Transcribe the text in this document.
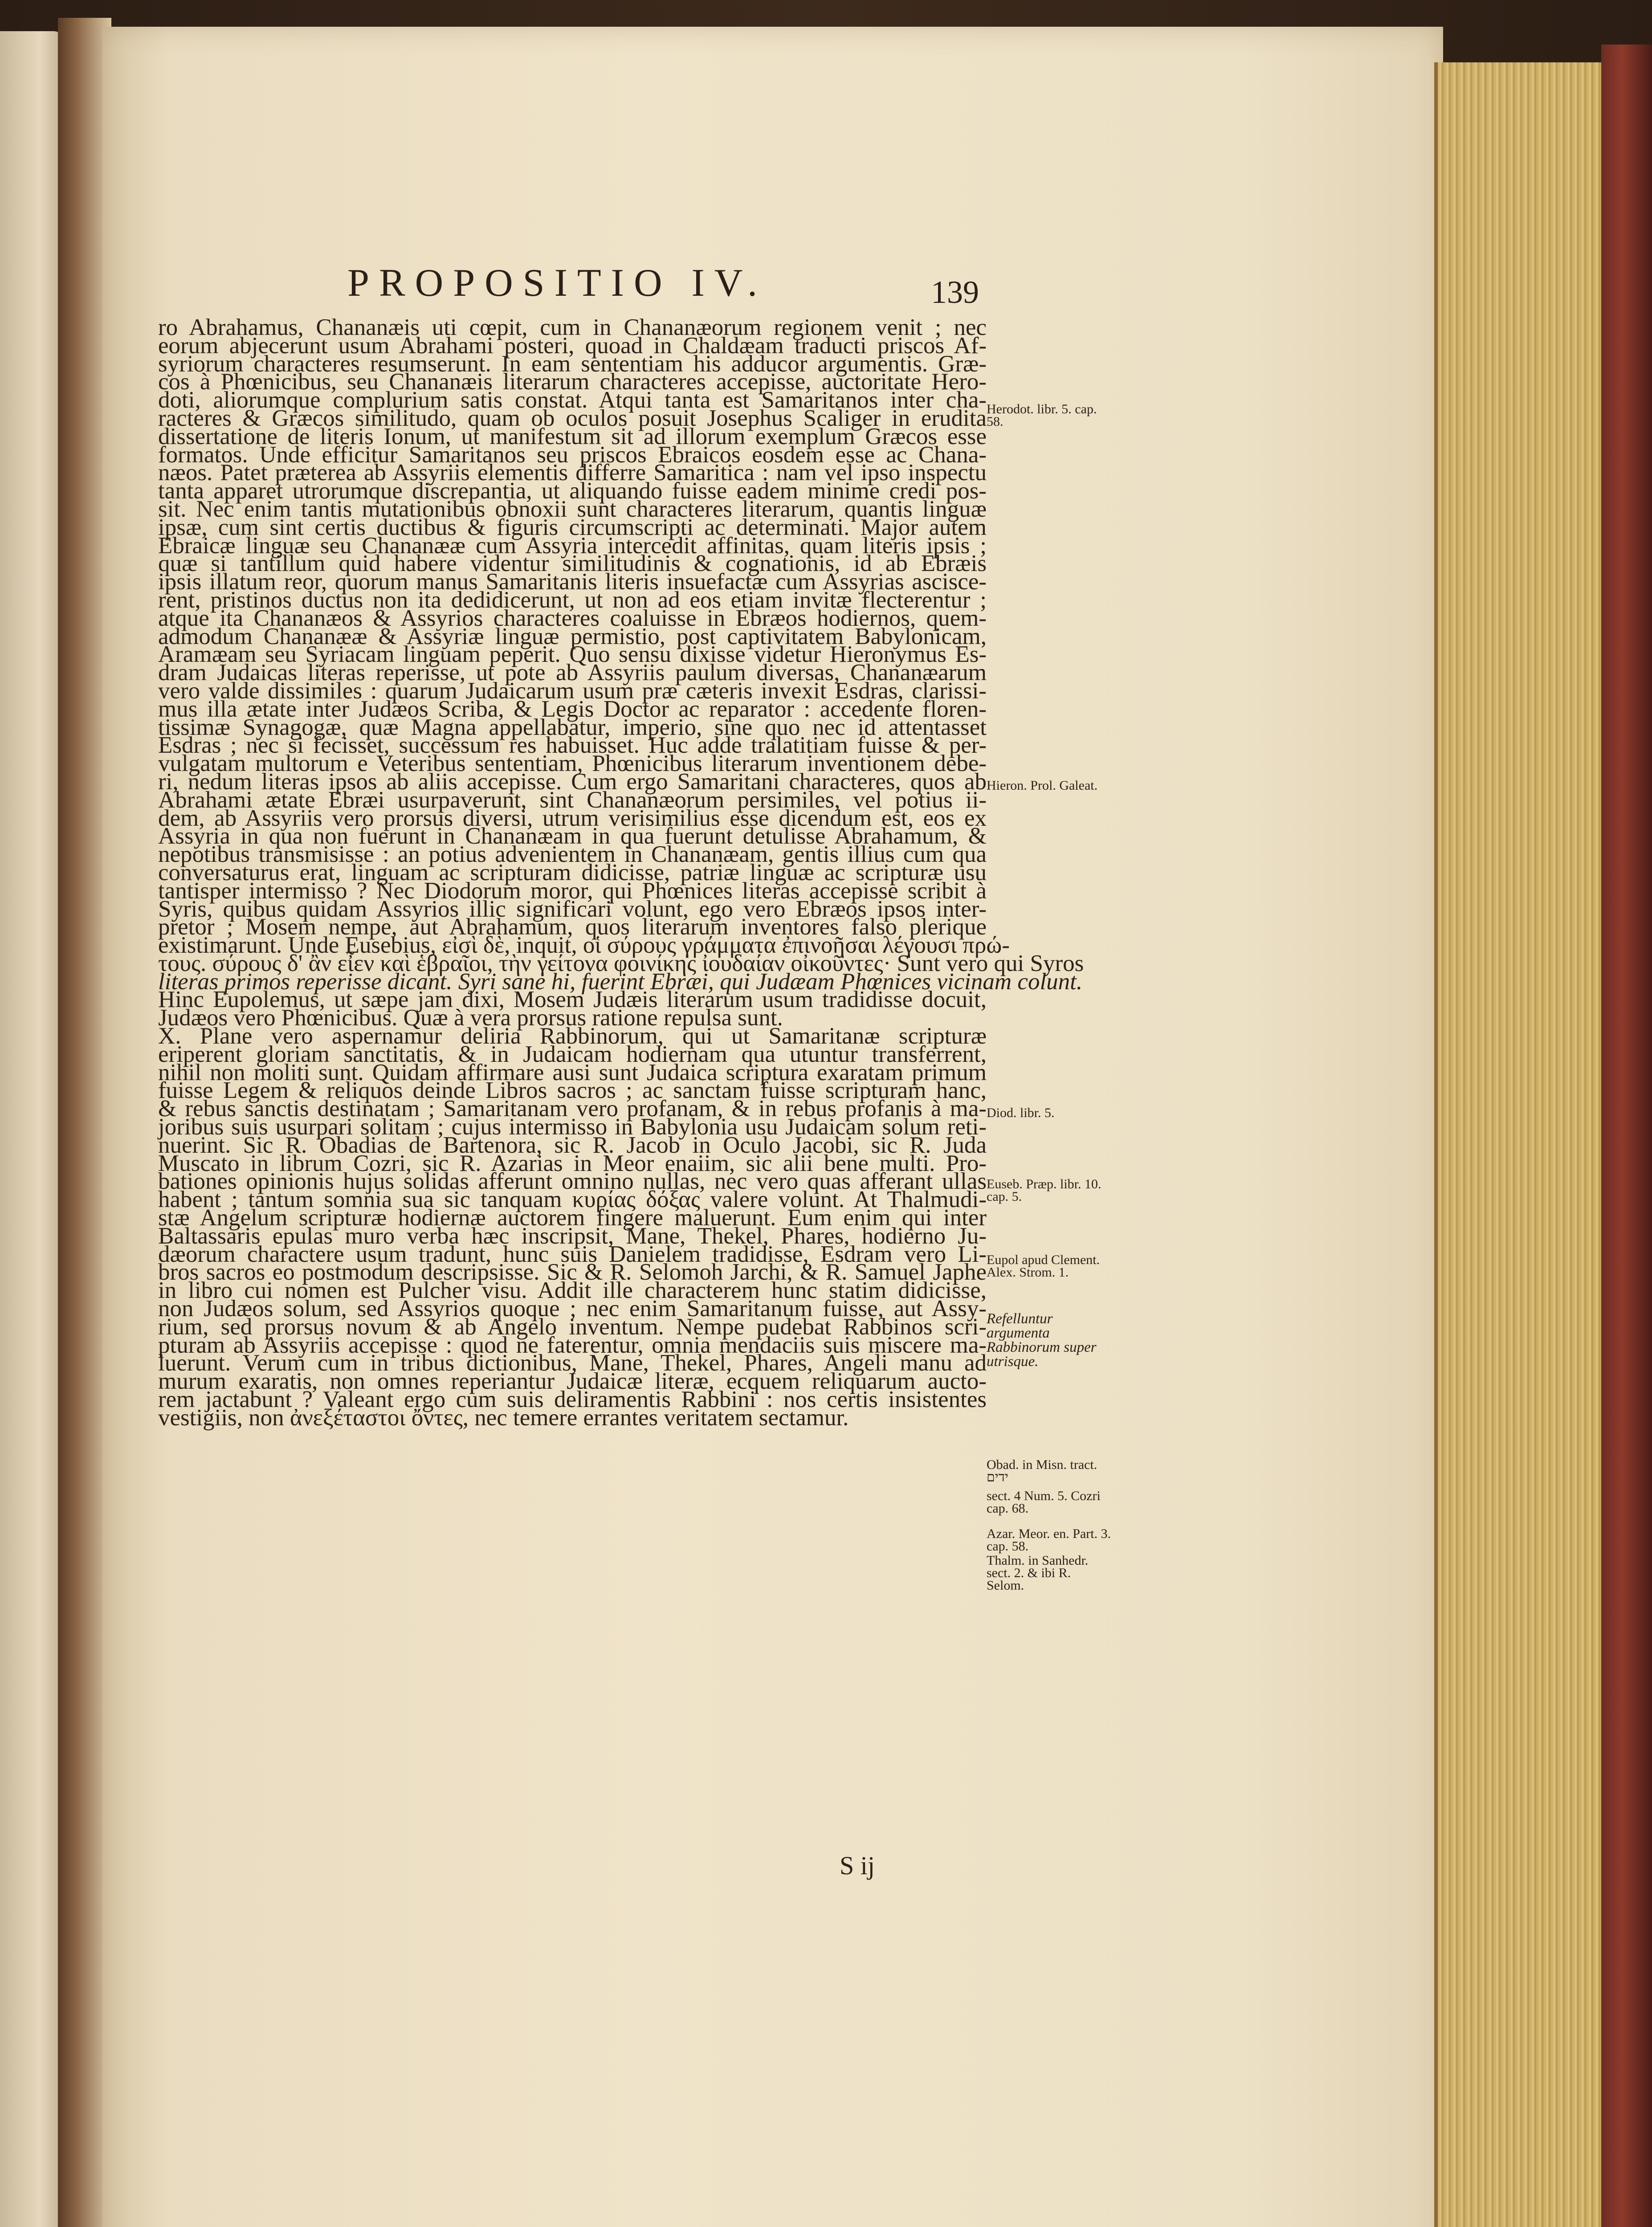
PROPOSITIO IV.	139
ro Abrahamus, Chananæis uti cœpit, cum in Chananæorum regionem venit ; nec
eorum abjecerunt usum Abrahami posteri, quoad in Chaldæam traducti priscos Af-
syriorum characteres resumserunt. In eam sententiam his adducor argumentis. Græ-
cos à Phœnicibus, seu Chananæis literarum characteres accepisse, auctoritate Hero-
doti, aliorumque complurium satis constat. Atqui tanta est Samaritanos inter cha-
racteres & Græcos similitudo, quam ob oculos posuit Josephus Scaliger in erudita
dissertatione de literis Ionum, ut manifestum sit ad illorum exemplum Græcos esse
formatos. Unde efficitur Samaritanos seu priscos Ebraicos eosdem esse ac Chana-
næos. Patet præterea ab Assyriis elementis differre Samaritica : nam vel ipso inspectu
tanta apparet utrorumque discrepantia, ut aliquando fuisse eadem minime credi pos-
sit. Nec enim tantis mutationibus obnoxii sunt characteres literarum, quantis linguæ
ipsæ, cum sint certis ductibus & figuris circumscripti ac determinati. Major autem
Ebraicæ linguæ seu Chananææ cum Assyria intercedit affinitas, quam literis ipsis ;
quæ si tantillum quid habere videntur similitudinis & cognationis, id ab Ebræis
ipsis illatum reor, quorum manus Samaritanis literis insuefactæ cum Assyrias ascisce-
rent, pristinos ductus non ita dedidicerunt, ut non ad eos etiam invitæ flecterentur ;
atque ita Chananæos & Assyrios characteres coaluisse in Ebræos hodiernos, quem-
admodum Chananææ & Assyriæ linguæ permistio, post captivitatem Babylonicam,
Aramæam seu Syriacam linguam peperit. Quo sensu dixisse videtur Hieronymus Es-
dram Judaicas literas reperisse, ut pote ab Assyriis paulum diversas, Chananæarum
vero valde dissimiles : quarum Judaicarum usum præ cæteris invexit Esdras, clarissi-
mus illa ætate inter Judæos Scriba, & Legis Doctor ac reparator : accedente floren-
tissimæ Synagogæ, quæ Magna appellabatur, imperio, sine quo nec id attentasset
Esdras ; nec si fecisset, successum res habuisset. Huc adde tralatitiam fuisse & per-
vulgatam multorum e Veteribus sententiam, Phœnicibus literarum inventionem debe-
ri, nedum literas ipsos ab aliis accepisse. Cum ergo Samaritani characteres, quos ab
Abrahami ætate Ebræi usurpaverunt, sint Chananæorum persimiles, vel potius ii-
dem, ab Assyriis vero prorsus diversi, utrum verisimilius esse dicendum est, eos ex
Assyria in qua non fuerunt in Chananæam in qua fuerunt detulisse Abrahamum, &
nepotibus transmisisse : an potius advenientem in Chananæam, gentis illius cum qua
conversaturus erat, linguam ac scripturam didicisse, patriæ linguæ ac scripturæ usu
tantisper intermisso ? Nec Diodorum moror, qui Phœnices literas accepisse scribit à
Syris, quibus quidam Assyrios illic significari volunt, ego vero Ebræos ipsos inter-
pretor ; Mosem nempe, aut Abrahamum, quos literarum inventores falso plerique
existimarunt. Unde Eusebius, εἰσὶ δὲ, inquit, οἱ σύρους γράμματα ἐπινοῆσαι λέγουσι πρώ-
τους. σύρους δ' ἂν εἶεν καὶ ἑβραῖοι, τὴν γείτονα φοινίκης ἰουδαίαν οἰκοῦντες· Sunt vero qui Syros
literas primos reperisse dicant. Syri sane hi, fuerint Ebræi, qui Judæam Phœnices vicinam colunt.
Hinc Eupolemus, ut sæpe jam dixi, Mosem Judæis literarum usum tradidisse docuit,
Judæos vero Phœnicibus. Quæ à vera prorsus ratione repulsa sunt.
X. Plane vero aspernamur deliria Rabbinorum, qui ut Samaritanæ scripturæ
eriperent gloriam sanctitatis, & in Judaicam hodiernam qua utuntur transferrent,
nihil non moliti sunt. Quidam affirmare ausi sunt Judaica scriptura exaratam primum
fuisse Legem & reliquos deinde Libros sacros ; ac sanctam fuisse scripturam hanc,
& rebus sanctis destinatam ; Samaritanam vero profanam, & in rebus profanis à ma-
joribus suis usurpari solitam ; cujus intermisso in Babylonia usu Judaicam solum reti-
nuerint. Sic R. Obadias de Bartenora, sic R. Jacob in Oculo Jacobi, sic R. Juda
Muscato in librum Cozri, sic R. Azarias in Meor enaiim, sic alii bene multi. Pro-
bationes opinionis hujus solidas afferunt omnino nullas, nec vero quas afferant ullas
habent ; tantum somnia sua sic tanquam κυρίας δόξας valere volunt. At Thalmudi-
stæ Angelum scripturæ hodiernæ auctorem fingere maluerunt. Eum enim qui inter
Baltassaris epulas muro verba hæc inscripsit, Mane, Thekel, Phares, hodierno Ju-
dæorum charactere usum tradunt, hunc suis Danielem tradidisse, Esdram vero Li-
bros sacros eo postmodum descripsisse. Sic & R. Selomoh Jarchi, & R. Samuel Japhe
in libro cui nomen est Pulcher visu. Addit ille characterem hunc statim didicisse,
non Judæos solum, sed Assyrios quoque ; nec enim Samaritanum fuisse, aut Assy-
rium, sed prorsus novum & ab Angelo inventum. Nempe pudebat Rabbinos scri-
pturam ab Assyriis accepisse : quod ne faterentur, omnia mendaciis suis miscere ma-
luerunt. Verum cum in tribus dictionibus, Mane, Thekel, Phares, Angeli manu ad
murum exaratis, non omnes reperiantur Judaicæ literæ, ecquem reliquarum aucto-
rem jactabunt ? Valeant ergo cum suis deliramentis Rabbini : nos certis insistentes
vestigiis, non ἀνεξέταστοι ὄντες, nec temere errantes veritatem sectamur.
Herodot. libr. 5. cap. 58.
Hieron. Prol. Galeat.
Diod. libr. 5.
Euseb. Præp. libr. 10. cap. 5.
Eupol apud Clement. Alex. Strom. 1.
Refelluntur argumenta Rabbinorum super utrisque.
Obad. in Misn. tract. ידים
sect. 4 Num. 5. Cozri cap. 68.
Azar. Meor. en. Part. 3. cap. 58.
Thalm. in Sanhedr. sect. 2. & ibi R. Selom.
S ij
